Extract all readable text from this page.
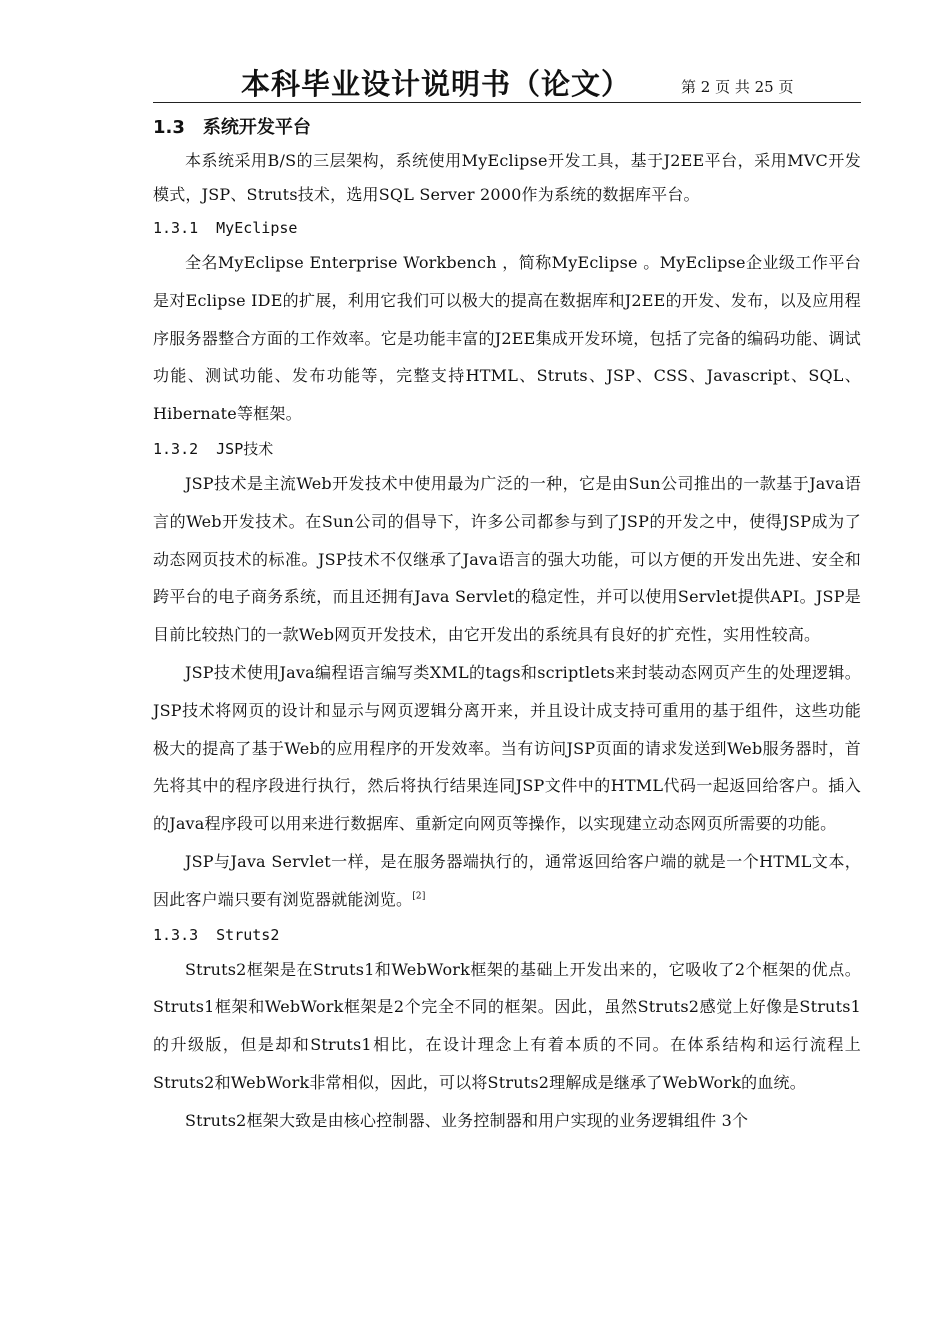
本科毕业设计说明书（论文）	第 2 页 共 25 页
1.3 系统开发平台

本系统采用B/S的三层架构，系统使用MyEclipse开发工具，基于J2EE平台，采用MVC开发模式，JSP、Struts技术，选用SQL Server 2000作为系统的数据库平台。

1.3.1 MyEclipse

全名MyEclipse Enterprise Workbench ，简称MyEclipse 。MyEclipse企业级工作平台是对Eclipse IDE的扩展，利用它我们可以极大的提高在数据库和J2EE的开发、发布，以及应用程序服务器整合方面的工作效率。它是功能丰富的J2EE集成开发环境，包括了完备的编码功能、调试功能、测试功能、发布功能等，完整支持HTML、Struts、JSP、CSS、Javascript、SQL、Hibernate等框架。

1.3.2 JSP技术

JSP技术是主流Web开发技术中使用最为广泛的一种，它是由Sun公司推出的一款基于Java语言的Web开发技术。在Sun公司的倡导下，许多公司都参与到了JSP的开发之中，使得JSP成为了动态网页技术的标准。JSP技术不仅继承了Java语言的强大功能，可以方便的开发出先进、安全和跨平台的电子商务系统，而且还拥有Java Servlet的稳定性，并可以使用Servlet提供API。JSP是目前比较热门的一款Web网页开发技术，由它开发出的系统具有良好的扩充性，实用性较高。

JSP技术使用Java编程语言编写类XML的tags和scriptlets来封装动态网页产生的处理逻辑。JSP技术将网页的设计和显示与网页逻辑分离开来，并且设计成支持可重用的基于组件，这些功能极大的提高了基于Web的应用程序的开发效率。当有访问JSP页面的请求发送到Web服务器时，首先将其中的程序段进行执行，然后将执行结果连同JSP文件中的HTML代码一起返回给客户。插入的Java程序段可以用来进行数据库、重新定向网页等操作，以实现建立动态网页所需要的功能。

JSP与Java Servlet一样，是在服务器端执行的，通常返回给客户端的就是一个HTML文本，因此客户端只要有浏览器就能浏览。[2]

1.3.3 Struts2

Struts2框架是在Struts1和WebWork框架的基础上开发出来的，它吸收了2个框架的优点。Struts1框架和WebWork框架是2个完全不同的框架。因此，虽然Struts2感觉上好像是Struts1的升级版，但是却和Struts1相比，在设计理念上有着本质的不同。在体系结构和运行流程上Struts2和WebWork非常相似，因此，可以将Struts2理解成是继承了WebWork的血统。

Struts2框架大致是由核心控制器、业务控制器和用户实现的业务逻辑组件 3个
